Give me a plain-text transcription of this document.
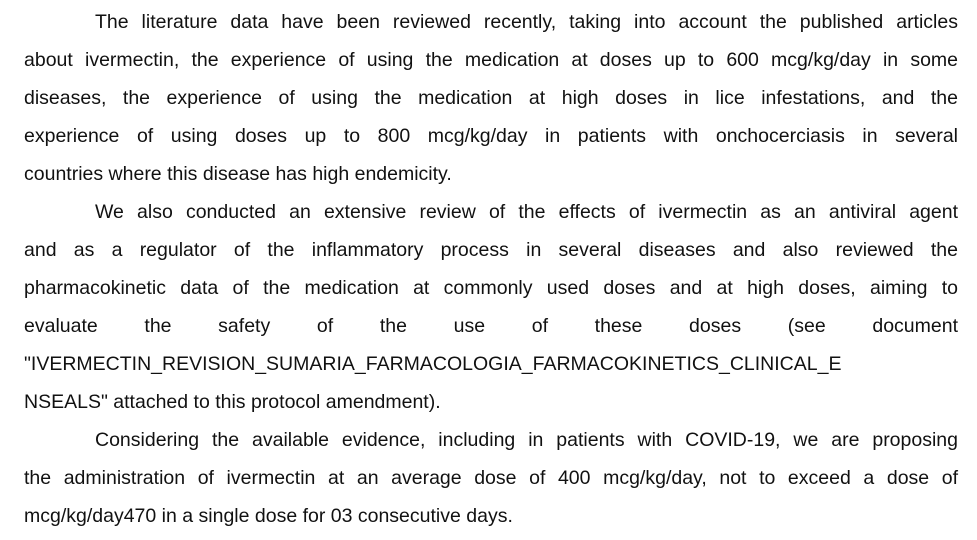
The literature data have been reviewed recently, taking into account the published articles
about ivermectin, the experience of using the medication at doses up to 600 mcg/kg/day in some
diseases, the experience of using the medication at high doses in lice infestations, and the
experience of using doses up to 800 mcg/kg/day in patients with onchocerciasis in several
countries where this disease has high endemicity.
We also conducted an extensive review of the effects of ivermectin as an antiviral agent
and as a regulator of the inflammatory process in several diseases and also reviewed the
pharmacokinetic data of the medication at commonly used doses and at high doses, aiming to
evaluate the safety of the use of these doses (see document
"IVERMECTIN_REVISION_SUMARIA_FARMACOLOGIA_FARMACOKINETICS_CLINICAL_E
NSEALS" attached to this protocol amendment).
Considering the available evidence, including in patients with COVID-19, we are proposing
the administration of ivermectin at an average dose of 400 mcg/kg/day, not to exceed a dose of
mcg/kg/day470 in a single dose for 03 consecutive days.
